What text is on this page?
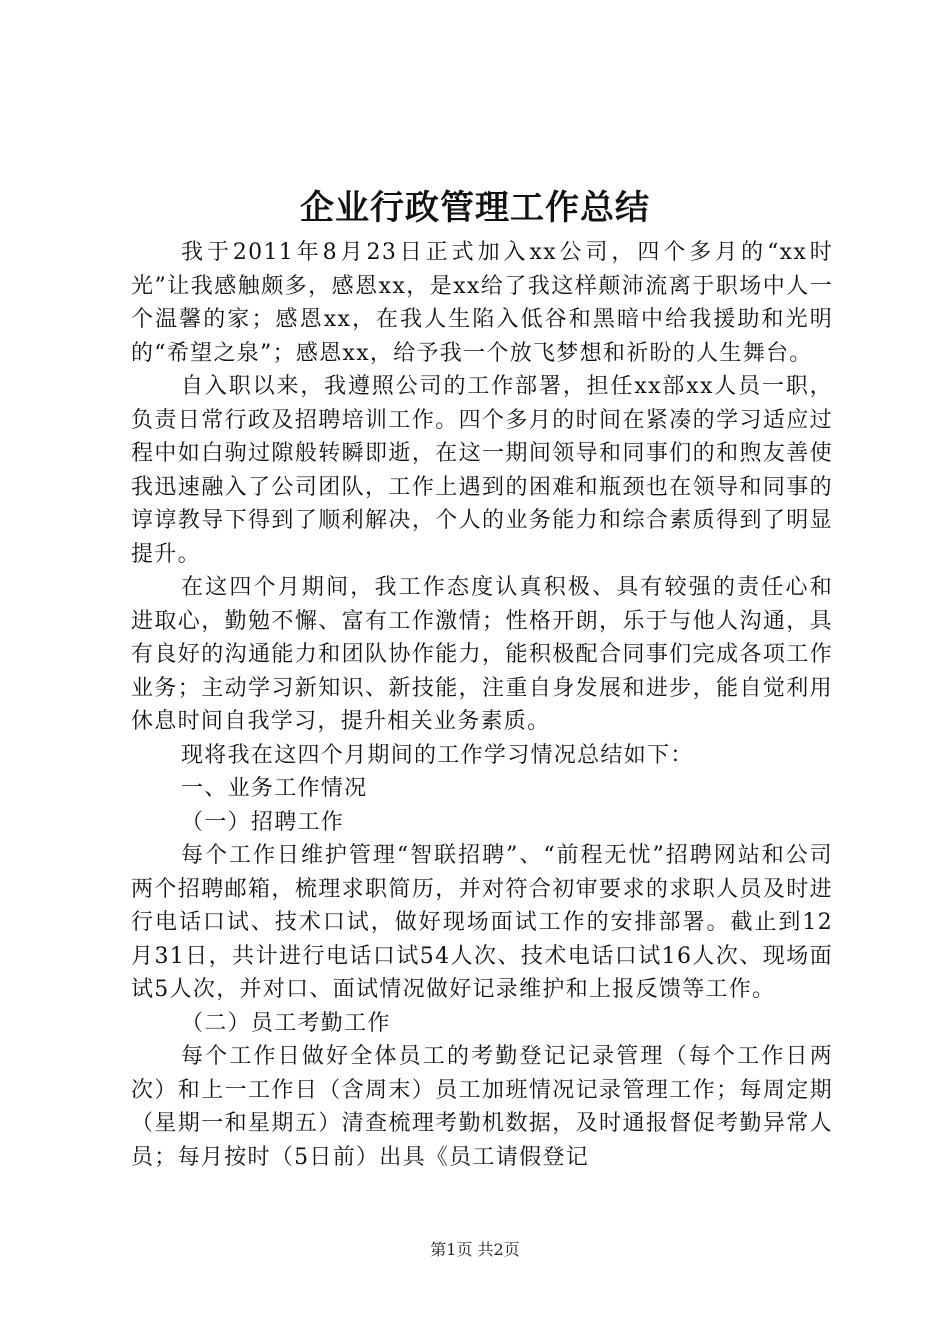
企业行政管理工作总结

我于2011年8月23日正式加入xx公司，四个多月的“xx时光”让我感触颇多，感恩xx，是xx给了我这样颠沛流离于职场中人一个温馨的家；感恩xx，在我人生陷入低谷和黑暗中给我援助和光明的“希望之泉”；感恩xx，给予我一个放飞梦想和祈盼的人生舞台。

自入职以来，我遵照公司的工作部署，担任xx部xx人员一职，负责日常行政及招聘培训工作。四个多月的时间在紧凑的学习适应过程中如白驹过隙般转瞬即逝，在这一期间领导和同事们的和煦友善使我迅速融入了公司团队，工作上遇到的困难和瓶颈也在领导和同事的谆谆教导下得到了顺利解决，个人的业务能力和综合素质得到了明显提升。

在这四个月期间，我工作态度认真积极、具有较强的责任心和进取心，勤勉不懈、富有工作激情；性格开朗，乐于与他人沟通，具有良好的沟通能力和团队协作能力，能积极配合同事们完成各项工作业务；主动学习新知识、新技能，注重自身发展和进步，能自觉利用休息时间自我学习，提升相关业务素质。

现将我在这四个月期间的工作学习情况总结如下：

一、业务工作情况

（一）招聘工作

每个工作日维护管理“智联招聘”、“前程无忧”招聘网站和公司两个招聘邮箱，梳理求职简历，并对符合初审要求的求职人员及时进行电话口试、技术口试，做好现场面试工作的安排部署。截止到12月31日，共计进行电话口试54人次、技术电话口试16人次、现场面试5人次，并对口、面试情况做好记录维护和上报反馈等工作。

（二）员工考勤工作

每个工作日做好全体员工的考勤登记记录管理（每个工作日两次）和上一工作日（含周末）员工加班情况记录管理工作；每周定期（星期一和星期五）清查梳理考勤机数据，及时通报督促考勤异常人员；每月按时（5日前）出具《员工请假登记

第1页 共2页
